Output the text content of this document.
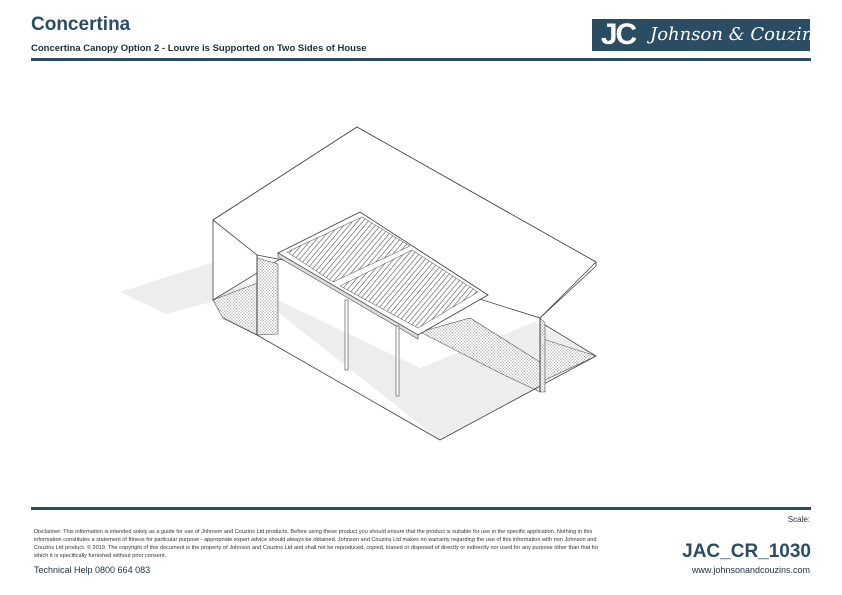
Concertina
Concertina Canopy Option 2 - Louvre is Supported on Two Sides of House	JC Johnson & Couzins
Disclaimer: This information is intended solely as a guide for use of Johnson and Couzins Ltd products. Before using these product you should ensure that the product is suitable for use in the specific application. Nothing in this information constitutes a statement of fitness for particular purpose - appropriate expert advice should always be obtained. Johnson and Couzins Ltd makes no warranty regarding the use of this information with non Johnson and Couzins Ltd product. © 2019. The copyright of this document is the property of Johnson and Couzins Ltd and shall not be reproduced, copied, loaned or disposed of directly or indirectly nor used for any purpose other than that for which it is specifically furnished without prior consent.
Technical Help 0800 664 083
Scale:
JAC_CR_1030
www.johnsonandcouzins.com
